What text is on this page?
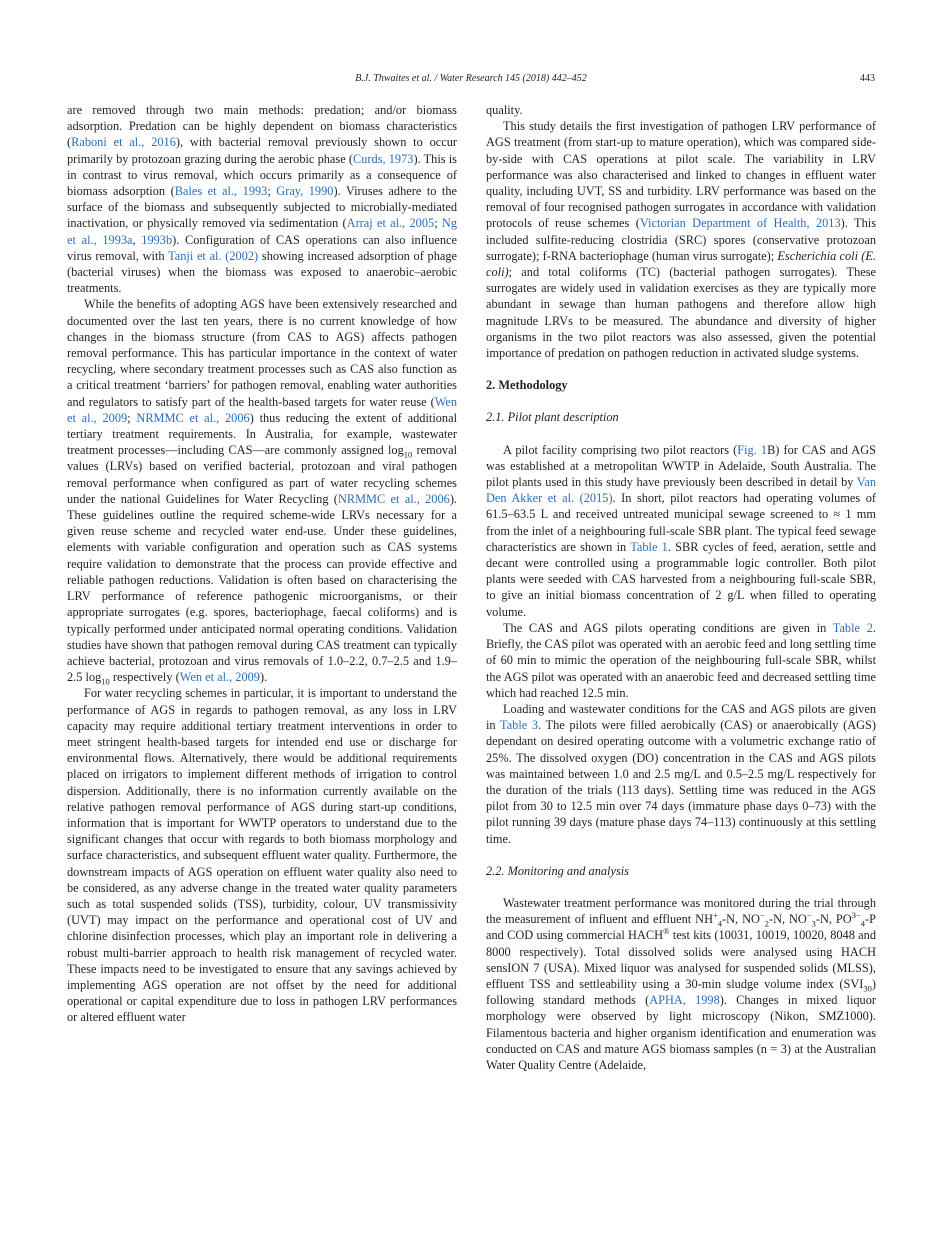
B.J. Thwaites et al. / Water Research 145 (2018) 442–452	443

are removed through two main methods: predation; and/or biomass adsorption. Predation can be highly dependent on biomass characteristics (Raboni et al., 2016), with bacterial removal previously shown to occur primarily by protozoan grazing during the aerobic phase (Curds, 1973). This is in contrast to virus removal, which occurs primarily as a consequence of biomass adsorption (Bales et al., 1993; Gray, 1990). Viruses adhere to the surface of the biomass and subsequently subjected to microbially-mediated inactivation, or physically removed via sedimentation (Arraj et al., 2005; Ng et al., 1993a, 1993b). Configuration of CAS operations can also influence virus removal, with Tanji et al. (2002) showing increased adsorption of phage (bacterial viruses) when the biomass was exposed to anaerobic–aerobic treatments.

While the benefits of adopting AGS have been extensively researched and documented over the last ten years, there is no current knowledge of how changes in the biomass structure (from CAS to AGS) affects pathogen removal performance. This has particular importance in the context of water recycling, where secondary treatment processes such as CAS also function as a critical treatment ‘barriers’ for pathogen removal, enabling water authorities and regulators to satisfy part of the health-based targets for water reuse (Wen et al., 2009; NRMMC et al., 2006) thus reducing the extent of additional tertiary treatment requirements. In Australia, for example, wastewater treatment processes—including CAS—are commonly assigned $\log_{10}$ removal values (LRVs) based on verified bacterial, protozoan and viral pathogen removal performance when configured as part of water recycling schemes under the national Guidelines for Water Recycling (NRMMC et al., 2006). These guidelines outline the required scheme-wide LRVs necessary for a given reuse scheme and recycled water end-use. Under these guidelines, elements with variable configuration and operation such as CAS systems require validation to demonstrate that the process can provide effective and reliable pathogen reductions. Validation is often based on characterising the LRV performance of reference pathogenic microorganisms, or their appropriate surrogates (e.g. spores, bacteriophage, faecal coliforms) and is typically performed under anticipated normal operating conditions. Validation studies have shown that pathogen removal during CAS treatment can typically achieve bacterial, protozoan and virus removals of 1.0–2.2, 0.7–2.5 and 1.9–2.5 $\log_{10}$ respectively (Wen et al., 2009).

For water recycling schemes in particular, it is important to understand the performance of AGS in regards to pathogen removal, as any loss in LRV capacity may require additional tertiary treatment interventions in order to meet stringent health-based targets for intended end use or discharge for environmental flows. Alternatively, there would be additional requirements placed on irrigators to implement different methods of irrigation to control dispersion. Additionally, there is no information currently available on the relative pathogen removal performance of AGS during start-up conditions, information that is important for WWTP operators to understand due to the significant changes that occur with regards to both biomass morphology and surface characteristics, and subsequent effluent water quality. Furthermore, the downstream impacts of AGS operation on effluent water quality also need to be considered, as any adverse change in the treated water quality parameters such as total suspended solids (TSS), turbidity, colour, UV transmissivity (UVT) may impact on the performance and operational cost of UV and chlorine disinfection processes, which play an important role in delivering a robust multi-barrier approach to health risk management of recycled water. These impacts need to be investigated to ensure that any savings achieved by implementing AGS operation are not offset by the need for additional operational or capital expenditure due to loss in pathogen LRV performances or altered effluent water

quality.

This study details the first investigation of pathogen LRV performance of AGS treatment (from start-up to mature operation), which was compared side-by-side with CAS operations at pilot scale. The variability in LRV performance was also characterised and linked to changes in effluent water quality, including UVT, SS and turbidity. LRV performance was based on the removal of four recognised pathogen surrogates in accordance with validation protocols of reuse schemes (Victorian Department of Health, 2013). This included sulfite-reducing clostridia (SRC) spores (conservative protozoan surrogate); f-RNA bacteriophage (human virus surrogate); Escherichia coli (E. coli); and total coliforms (TC) (bacterial pathogen surrogates). These surrogates are widely used in validation exercises as they are typically more abundant in sewage than human pathogens and therefore allow high magnitude LRVs to be measured. The abundance and diversity of higher organisms in the two pilot reactors was also assessed, given the potential importance of predation on pathogen reduction in activated sludge systems.

2. Methodology
2.1. Pilot plant description

A pilot facility comprising two pilot reactors (Fig. 1B) for CAS and AGS was established at a metropolitan WWTP in Adelaide, South Australia. The pilot plants used in this study have previously been described in detail by Van Den Akker et al. (2015). In short, pilot reactors had operating volumes of 61.5–63.5 L and received untreated municipal sewage screened to ≈ 1 mm from the inlet of a neighbouring full-scale SBR plant. The typical feed sewage characteristics are shown in Table 1. SBR cycles of feed, aeration, settle and decant were controlled using a programmable logic controller. Both pilot plants were seeded with CAS harvested from a neighbouring full-scale SBR, to give an initial biomass concentration of 2 g/L when filled to operating volume.

The CAS and AGS pilots operating conditions are given in Table 2. Briefly, the CAS pilot was operated with an aerobic feed and long settling time of 60 min to mimic the operation of the neighbouring full-scale SBR, whilst the AGS pilot was operated with an anaerobic feed and decreased settling time which had reached 12.5 min.

Loading and wastewater conditions for the CAS and AGS pilots are given in Table 3. The pilots were filled aerobically (CAS) or anaerobically (AGS) dependant on desired operating outcome with a volumetric exchange ratio of 25%. The dissolved oxygen (DO) concentration in the CAS and AGS pilots was maintained between 1.0 and 2.5 mg/L and 0.5–2.5 mg/L respectively for the duration of the trials (113 days). Settling time was reduced in the AGS pilot from 30 to 12.5 min over 74 days (immature phase days 0–73) with the pilot running 39 days (mature phase days 74–113) continuously at this settling time.

2.2. Monitoring and analysis

Wastewater treatment performance was monitored during the trial through the measurement of influent and effluent $NH^+_4-N$, $NO^-_2-N$, $NO^-_3-N$, $PO^{3-}_4-P$ and COD using commercial HACH® test kits (10031, 10019, 10020, 8048 and 8000 respectively). Total dissolved solids were analysed using HACH sensION 7 (USA). Mixed liquor was analysed for suspended solids (MLSS), effluent TSS and settleability using a 30-min sludge volume index $(SVI_{30})$ following standard methods (APHA, 1998). Changes in mixed liquor morphology were observed by light microscopy (Nikon, SMZ1000). Filamentous bacteria and higher organism identification and enumeration was conducted on CAS and mature AGS biomass samples (n = 3) at the Australian Water Quality Centre (Adelaide,
